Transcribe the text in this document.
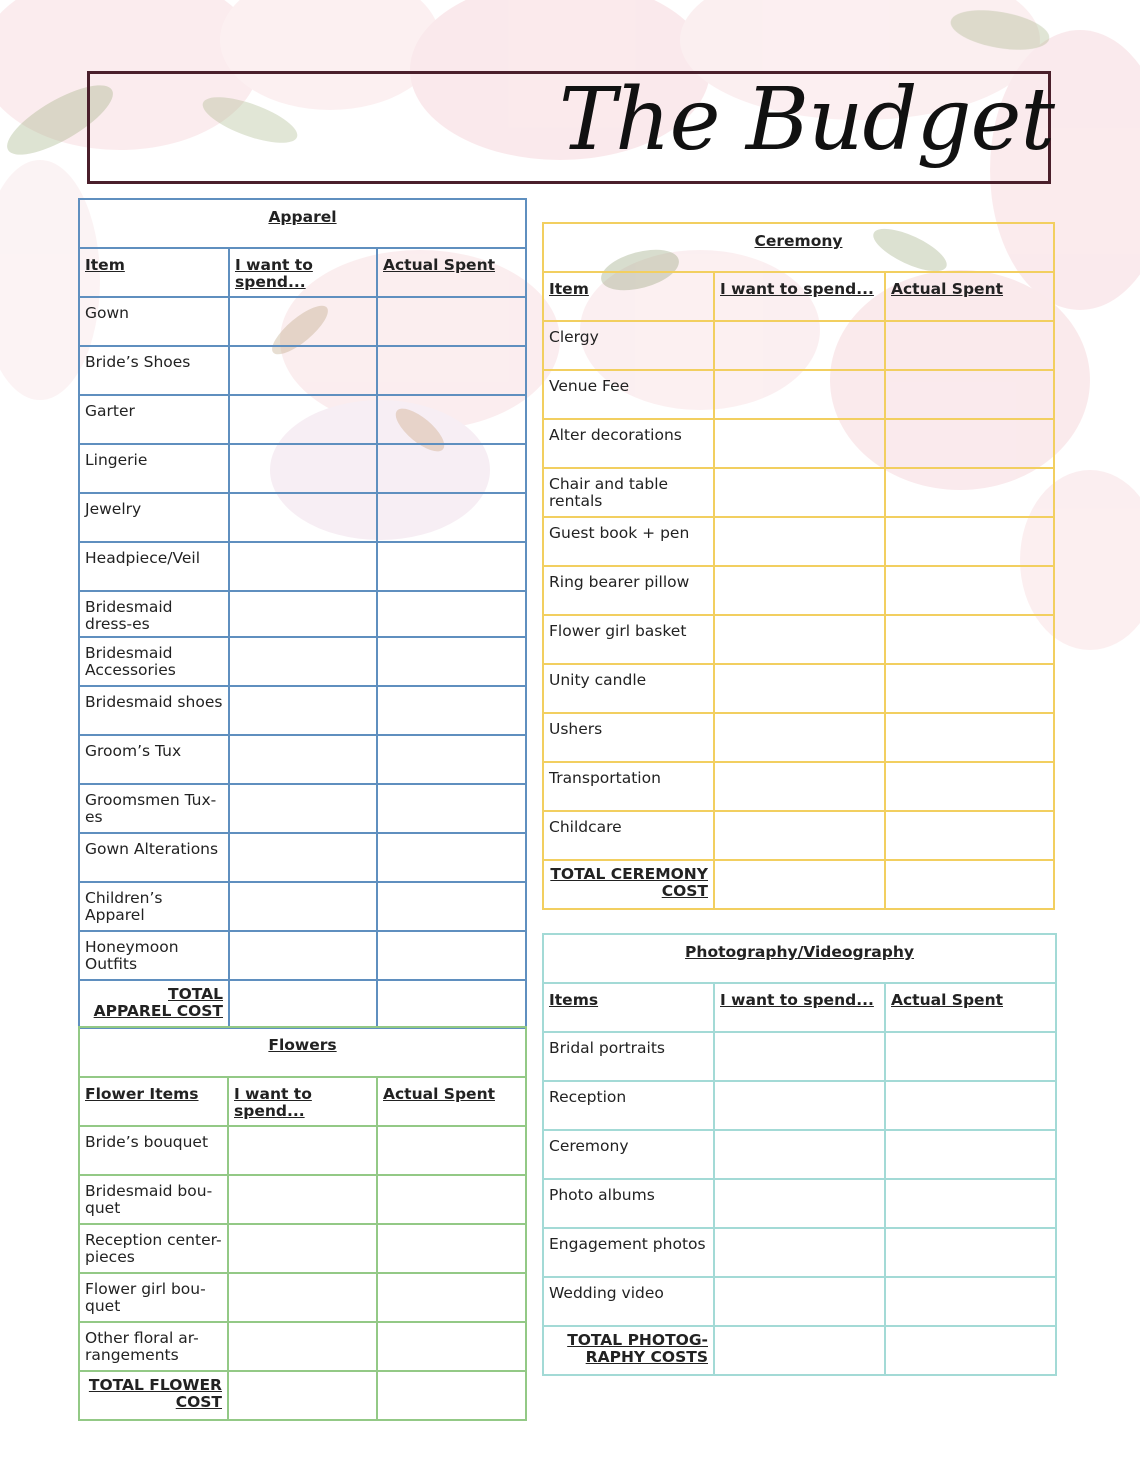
The Budget
Apparel		
Item	I want to spend...	Actual Spent
Gown		
Bride’s Shoes		
Garter		
Lingerie		
Jewelry		
Headpiece/Veil		
Bridesmaid dress-es		
Bridesmaid Accessories		
Bridesmaid shoes		
Groom’s Tux		
Groomsmen Tux-es		
Gown Alterations		
Children’s Apparel		
Honeymoon Outfits		
TOTAL APPAREL COST		
Ceremony		
Item	I want to spend...	Actual Spent
Clergy		
Venue Fee		
Alter decorations		
Chair and table rentals		
Guest book + pen		
Ring bearer pillow		
Flower girl basket		
Unity candle		
Ushers		
Transportation		
Childcare		
TOTAL CEREMONY COST		
Flowers		
Flower Items	I want to spend...	Actual Spent
Bride’s bouquet		
Bridesmaid bou-quet		
Reception center-pieces		
Flower girl bou-quet		
Other floral ar-rangements		
TOTAL FLOWER COST		
Photography/Videography		
Items	I want to spend...	Actual Spent
Bridal portraits		
Reception		
Ceremony		
Photo albums		
Engagement photos		
Wedding video		
TOTAL PHOTOG-RAPHY COSTS		
